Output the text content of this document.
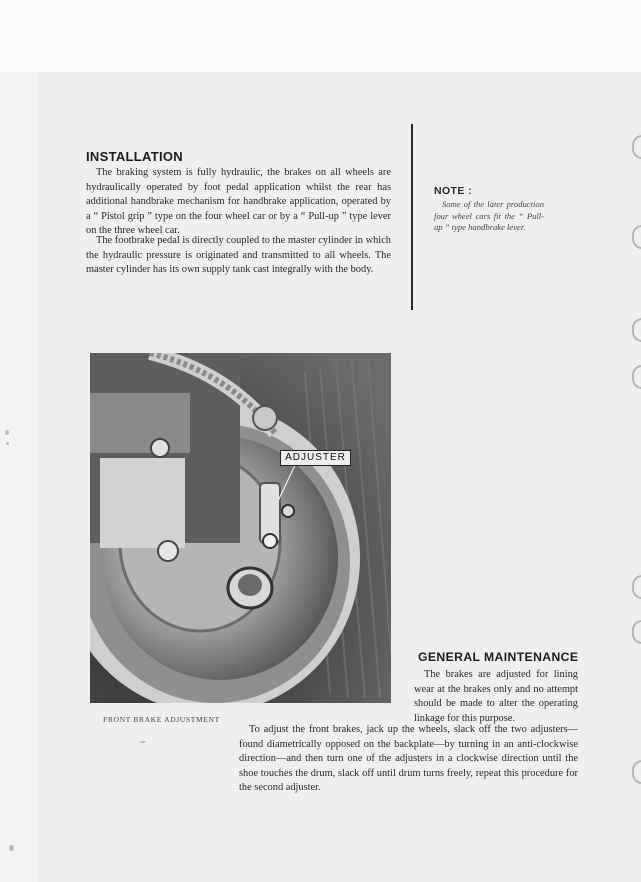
INSTALLATION

The braking system is fully hydraulic, the brakes on all wheels are hydraulically operated by foot pedal application whilst the rear has additional handbrake mechanism for handbrake application, operated by a “ Pistol grip ” type on the four wheel car or by a “ Pull-up ” type lever on the three wheel car.

The footbrake pedal is directly coupled to the master cylinder in which the hydraulic pressure is originated and transmitted to all wheels. The master cylinder has its own supply tank cast integrally with the body.

NOTE :

Some of the later production four wheel cars fit the “ Pull-up ” type handbrake lever.

ADJUSTER

FRONT BRAKE ADJUSTMENT

GENERAL MAINTENANCE

The brakes are adjusted for lining wear at the brakes only and no attempt should be made to alter the operating linkage for this purpose.

To adjust the front brakes, jack up the wheels, slack off the two adjusters—found diametrically opposed on the backplate—by turning in an anti-clockwise direction—and then turn one of the adjusters in a clockwise direction until the shoe touches the drum, slack off until drum turns freely, repeat this procedure for the second adjuster.
